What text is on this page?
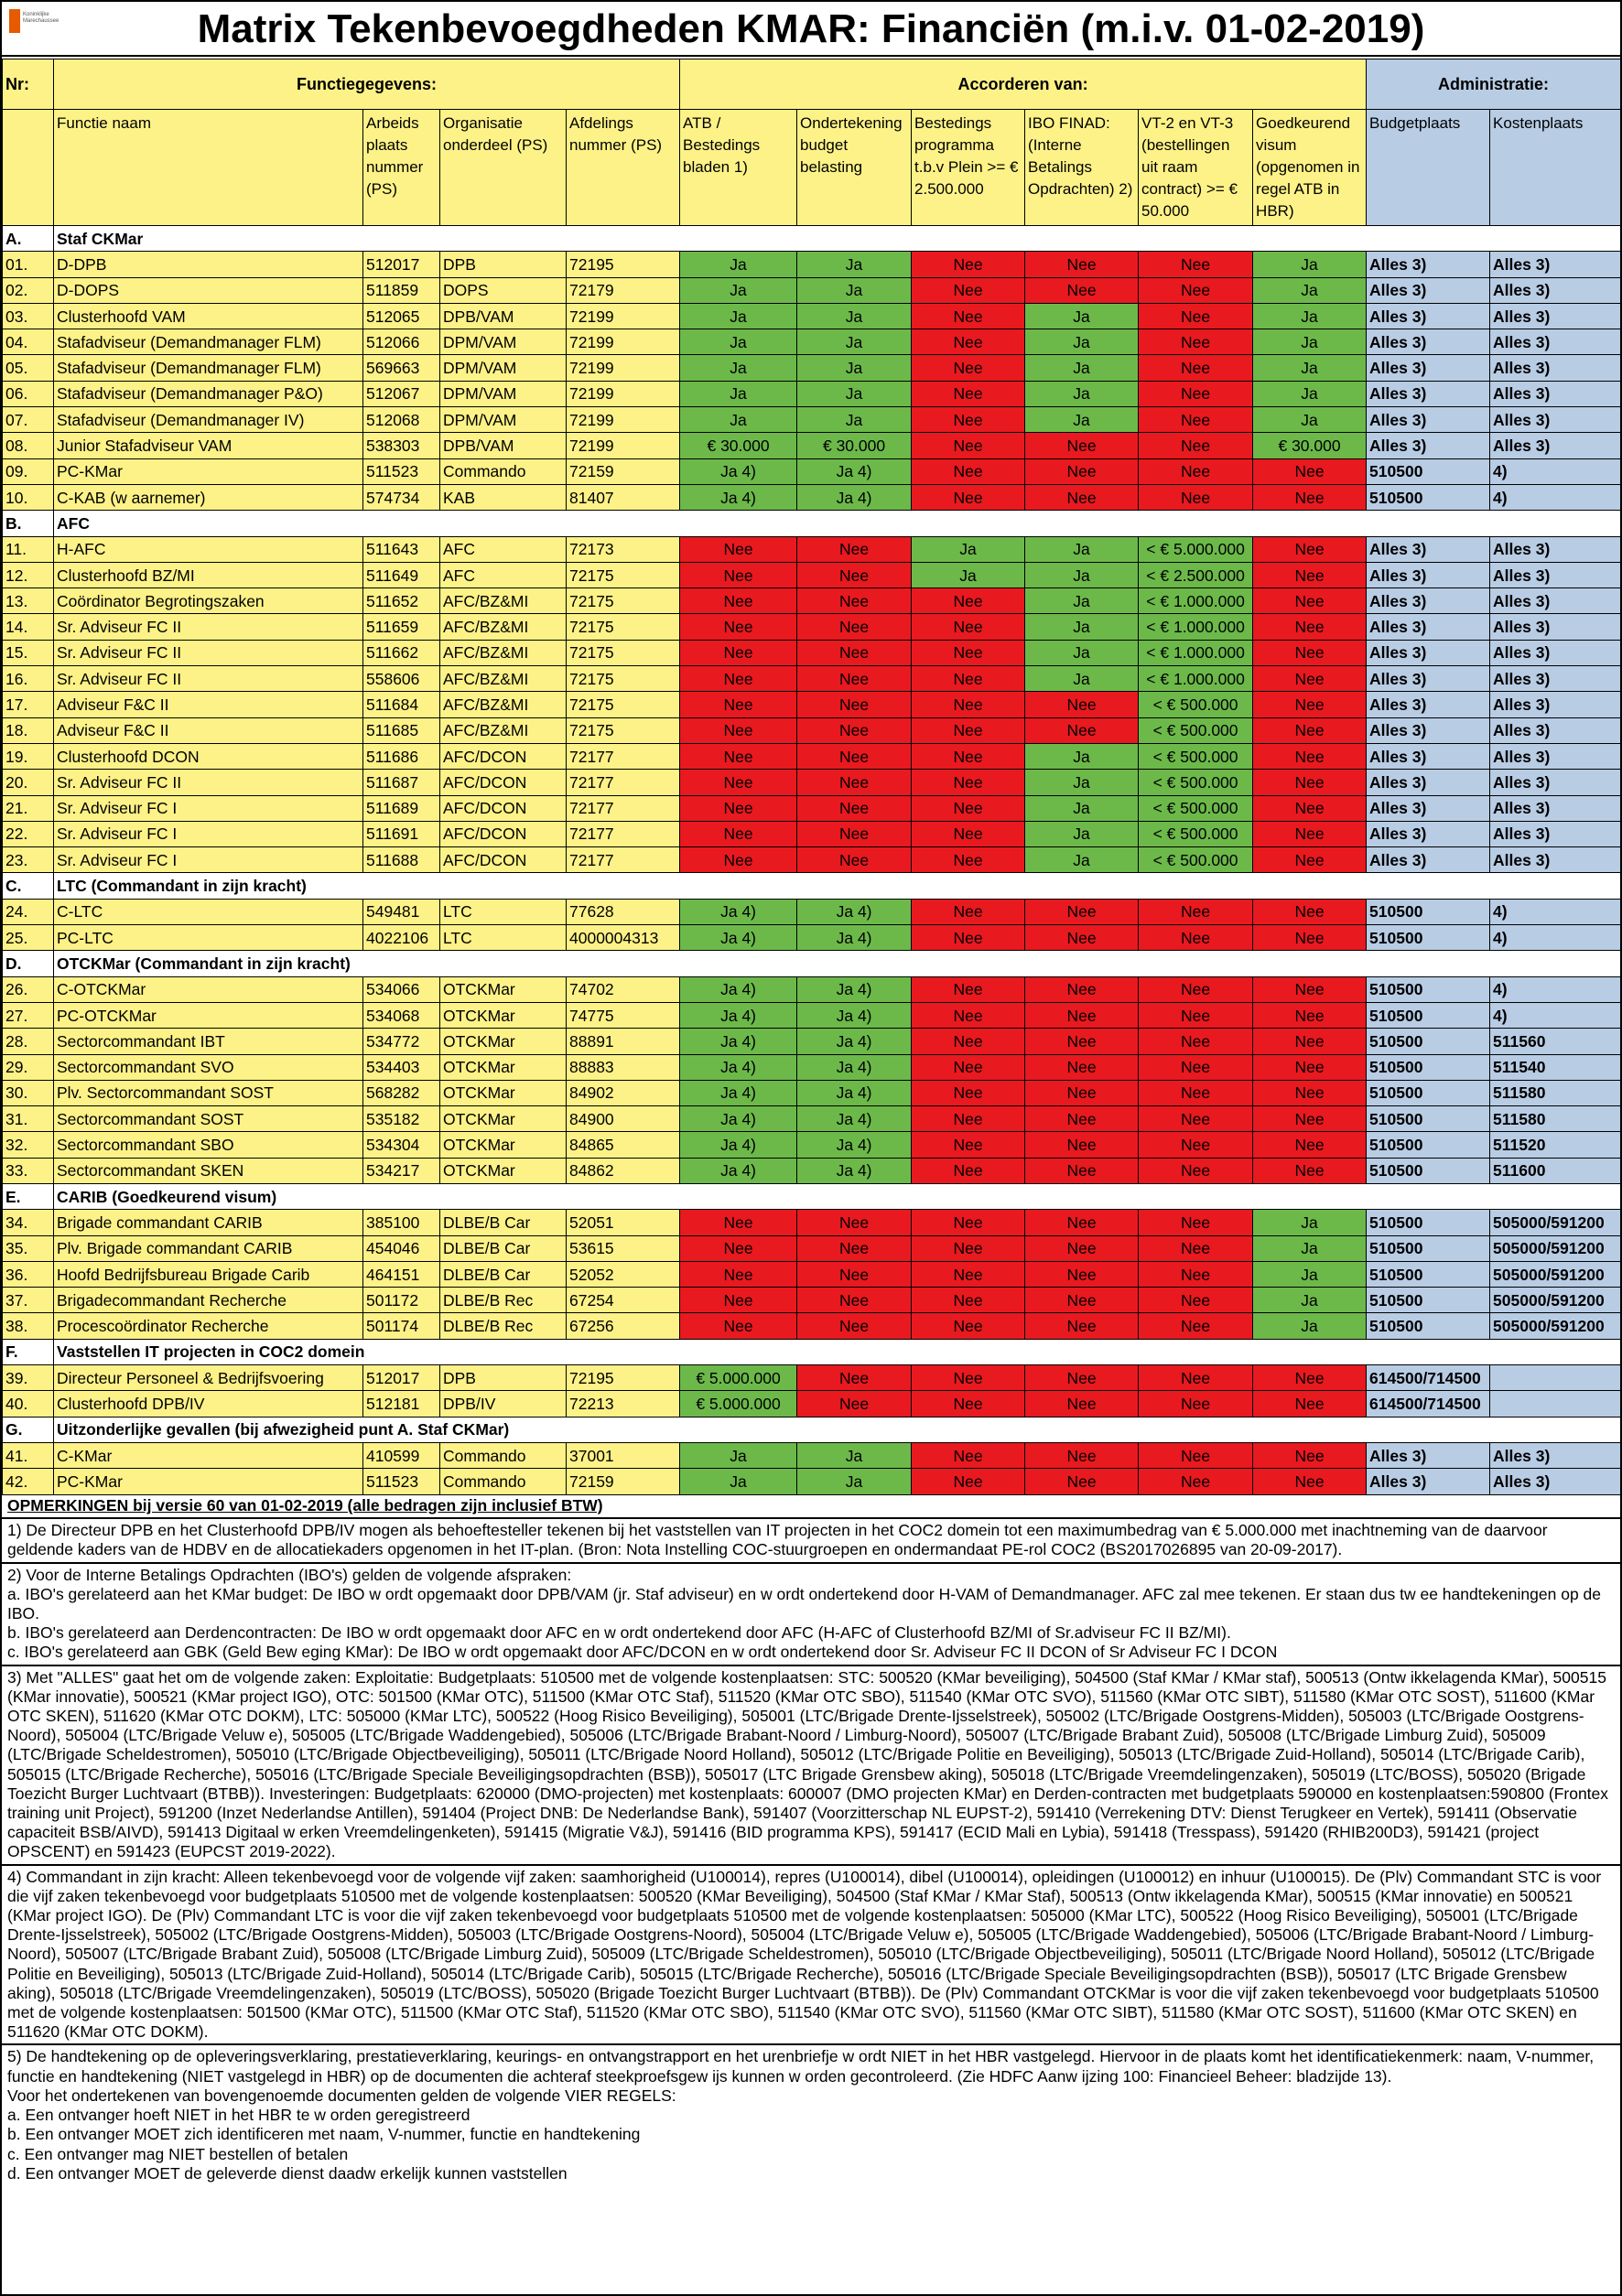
Koninklijke Marechaussee	Matrix Tekenbevoegdheden KMAR: Financiën (m.i.v. 01-02-2019)
Nr:	Functiegegevens:				Accorderen van:						Administratie:	
	Functie naam	Arbeids plaats nummer (PS)	Organisatie onderdeel (PS)	Afdelings nummer (PS)	ATB / Bestedings bladen 1)	Ondertekening budget belasting	Bestedings programma t.b.v Plein >= € 2.500.000	IBO FINAD: (Interne Betalings Opdrachten) 2)	VT-2 en VT-3 (bestellingen uit raam contract) >= € 50.000	Goedkeurend visum (opgenomen in regel ATB in HBR)	Budgetplaats	Kostenplaats
A.	Staf CKMar											
01.	D-DPB	512017	DPB	72195	Ja	Ja	Nee	Nee	Nee	Ja	Alles 3)	Alles 3)
02.	D-DOPS	511859	DOPS	72179	Ja	Ja	Nee	Nee	Nee	Ja	Alles 3)	Alles 3)
03.	Clusterhoofd VAM	512065	DPB/VAM	72199	Ja	Ja	Nee	Ja	Nee	Ja	Alles 3)	Alles 3)
04.	Stafadviseur (Demandmanager FLM)	512066	DPM/VAM	72199	Ja	Ja	Nee	Ja	Nee	Ja	Alles 3)	Alles 3)
05.	Stafadviseur (Demandmanager FLM)	569663	DPM/VAM	72199	Ja	Ja	Nee	Ja	Nee	Ja	Alles 3)	Alles 3)
06.	Stafadviseur (Demandmanager P&O)	512067	DPM/VAM	72199	Ja	Ja	Nee	Ja	Nee	Ja	Alles 3)	Alles 3)
07.	Stafadviseur (Demandmanager IV)	512068	DPM/VAM	72199	Ja	Ja	Nee	Ja	Nee	Ja	Alles 3)	Alles 3)
08.	Junior Stafadviseur VAM	538303	DPB/VAM	72199	€ 30.000	€ 30.000	Nee	Nee	Nee	€ 30.000	Alles 3)	Alles 3)
09.	PC-KMar	511523	Commando	72159	Ja 4)	Ja 4)	Nee	Nee	Nee	Nee	510500	4)
10.	C-KAB (w aarnemer)	574734	KAB	81407	Ja 4)	Ja 4)	Nee	Nee	Nee	Nee	510500	4)
B.	AFC											
11.	H-AFC	511643	AFC	72173	Nee	Nee	Ja	Ja	< € 5.000.000	Nee	Alles 3)	Alles 3)
12.	Clusterhoofd BZ/MI	511649	AFC	72175	Nee	Nee	Ja	Ja	< € 2.500.000	Nee	Alles 3)	Alles 3)
13.	Coördinator Begrotingszaken	511652	AFC/BZ&MI	72175	Nee	Nee	Nee	Ja	< € 1.000.000	Nee	Alles 3)	Alles 3)
14.	Sr. Adviseur FC II	511659	AFC/BZ&MI	72175	Nee	Nee	Nee	Ja	< € 1.000.000	Nee	Alles 3)	Alles 3)
15.	Sr. Adviseur FC II	511662	AFC/BZ&MI	72175	Nee	Nee	Nee	Ja	< € 1.000.000	Nee	Alles 3)	Alles 3)
16.	Sr. Adviseur FC II	558606	AFC/BZ&MI	72175	Nee	Nee	Nee	Ja	< € 1.000.000	Nee	Alles 3)	Alles 3)
17.	Adviseur F&C II	511684	AFC/BZ&MI	72175	Nee	Nee	Nee	Nee	< € 500.000	Nee	Alles 3)	Alles 3)
18.	Adviseur F&C II	511685	AFC/BZ&MI	72175	Nee	Nee	Nee	Nee	< € 500.000	Nee	Alles 3)	Alles 3)
19.	Clusterhoofd DCON	511686	AFC/DCON	72177	Nee	Nee	Nee	Ja	< € 500.000	Nee	Alles 3)	Alles 3)
20.	Sr. Adviseur FC II	511687	AFC/DCON	72177	Nee	Nee	Nee	Ja	< € 500.000	Nee	Alles 3)	Alles 3)
21.	Sr. Adviseur FC I	511689	AFC/DCON	72177	Nee	Nee	Nee	Ja	< € 500.000	Nee	Alles 3)	Alles 3)
22.	Sr. Adviseur FC I	511691	AFC/DCON	72177	Nee	Nee	Nee	Ja	< € 500.000	Nee	Alles 3)	Alles 3)
23.	Sr. Adviseur FC I	511688	AFC/DCON	72177	Nee	Nee	Nee	Ja	< € 500.000	Nee	Alles 3)	Alles 3)
C.	LTC (Commandant in zijn kracht)											
24.	C-LTC	549481	LTC	77628	Ja 4)	Ja 4)	Nee	Nee	Nee	Nee	510500	4)
25.	PC-LTC	4022106	LTC	4000004313	Ja 4)	Ja 4)	Nee	Nee	Nee	Nee	510500	4)
D.	OTCKMar (Commandant in zijn kracht)											
26.	C-OTCKMar	534066	OTCKMar	74702	Ja 4)	Ja 4)	Nee	Nee	Nee	Nee	510500	4)
27.	PC-OTCKMar	534068	OTCKMar	74775	Ja 4)	Ja 4)	Nee	Nee	Nee	Nee	510500	4)
28.	Sectorcommandant IBT	534772	OTCKMar	88891	Ja 4)	Ja 4)	Nee	Nee	Nee	Nee	510500	511560
29.	Sectorcommandant SVO	534403	OTCKMar	88883	Ja 4)	Ja 4)	Nee	Nee	Nee	Nee	510500	511540
30.	Plv. Sectorcommandant SOST	568282	OTCKMar	84902	Ja 4)	Ja 4)	Nee	Nee	Nee	Nee	510500	511580
31.	Sectorcommandant SOST	535182	OTCKMar	84900	Ja 4)	Ja 4)	Nee	Nee	Nee	Nee	510500	511580
32.	Sectorcommandant SBO	534304	OTCKMar	84865	Ja 4)	Ja 4)	Nee	Nee	Nee	Nee	510500	511520
33.	Sectorcommandant SKEN	534217	OTCKMar	84862	Ja 4)	Ja 4)	Nee	Nee	Nee	Nee	510500	511600
E.	CARIB (Goedkeurend visum)											
34.	Brigade commandant CARIB	385100	DLBE/B Car	52051	Nee	Nee	Nee	Nee	Nee	Ja	510500	505000/591200
35.	Plv. Brigade commandant CARIB	454046	DLBE/B Car	53615	Nee	Nee	Nee	Nee	Nee	Ja	510500	505000/591200
36.	Hoofd Bedrijfsbureau Brigade Carib	464151	DLBE/B Car	52052	Nee	Nee	Nee	Nee	Nee	Ja	510500	505000/591200
37.	Brigadecommandant Recherche	501172	DLBE/B Rec	67254	Nee	Nee	Nee	Nee	Nee	Ja	510500	505000/591200
38.	Procescoördinator Recherche	501174	DLBE/B Rec	67256	Nee	Nee	Nee	Nee	Nee	Ja	510500	505000/591200
F.	Vaststellen IT projecten in COC2 domein											
39.	Directeur Personeel & Bedrijfsvoering	512017	DPB	72195	€ 5.000.000	Nee	Nee	Nee	Nee	Nee	614500/714500	
40.	Clusterhoofd DPB/IV	512181	DPB/IV	72213	€ 5.000.000	Nee	Nee	Nee	Nee	Nee	614500/714500	
G.	Uitzonderlijke gevallen (bij afwezigheid punt A. Staf CKMar)											
41.	C-KMar	410599	Commando	37001	Ja	Ja	Nee	Nee	Nee	Nee	Alles 3)	Alles 3)
42.	PC-KMar	511523	Commando	72159	Ja	Ja	Nee	Nee	Nee	Nee	Alles 3)	Alles 3)
OPMERKINGEN bij versie 60 van 01-02-2019 (alle bedragen zijn inclusief BTW)

1) De Directeur DPB en het Clusterhoofd DPB/IV mogen als behoeftesteller tekenen bij het vaststellen van IT projecten in het COC2 domein tot een maximumbedrag van € 5.000.000 met inachtneming van de daarvoor geldende kaders van de HDBV en de allocatiekaders opgenomen in het IT-plan. (Bron: Nota Instelling COC-stuurgroepen en ondermandaat PE-rol COC2 (BS2017026895 van 20-09-2017).

2) Voor de Interne Betalings Opdrachten (IBO's) gelden de volgende afspraken:

a. IBO's gerelateerd aan het KMar budget: De IBO w ordt opgemaakt door DPB/VAM (jr. Staf adviseur) en w ordt ondertekend door H-VAM of Demandmanager. AFC zal mee tekenen. Er staan dus tw ee handtekeningen op de IBO.

b. IBO's gerelateerd aan Derdencontracten: De IBO w ordt opgemaakt door AFC en w ordt ondertekend door AFC (H-AFC of Clusterhoofd BZ/MI of Sr.adviseur FC II BZ/MI).

c. IBO's gerelateerd aan GBK (Geld Bew eging KMar): De IBO w ordt opgemaakt door AFC/DCON en w ordt ondertekend door Sr. Adviseur FC II DCON of Sr Adviseur FC I DCON

3) Met "ALLES" gaat het om de volgende zaken: Exploitatie: Budgetplaats: 510500 met de volgende kostenplaatsen: STC: 500520 (KMar beveiliging), 504500 (Staf KMar / KMar staf), 500513 (Ontw ikkelagenda KMar), 500515 (KMar innovatie), 500521 (KMar project IGO), OTC: 501500 (KMar OTC), 511500 (KMar OTC Staf), 511520 (KMar OTC SBO), 511540 (KMar OTC SVO), 511560 (KMar OTC SIBT), 511580 (KMar OTC SOST), 511600 (KMar OTC SKEN), 511620 (KMar OTC DOKM), LTC: 505000 (KMar LTC), 500522 (Hoog Risico Beveiliging), 505001 (LTC/Brigade Drente-Ijsselstreek), 505002 (LTC/Brigade Oostgrens-Midden), 505003 (LTC/Brigade Oostgrens-Noord), 505004 (LTC/Brigade Veluw e), 505005 (LTC/Brigade Waddengebied), 505006 (LTC/Brigade Brabant-Noord / Limburg-Noord), 505007 (LTC/Brigade Brabant Zuid), 505008 (LTC/Brigade Limburg Zuid), 505009 (LTC/Brigade Scheldestromen), 505010 (LTC/Brigade Objectbeveiliging), 505011 (LTC/Brigade Noord Holland), 505012 (LTC/Brigade Politie en Beveiliging), 505013 (LTC/Brigade Zuid-Holland), 505014 (LTC/Brigade Carib), 505015 (LTC/Brigade Recherche), 505016 (LTC/Brigade Speciale Beveiligingsopdrachten (BSB)), 505017 (LTC Brigade Grensbew aking), 505018 (LTC/Brigade Vreemdelingenzaken), 505019 (LTC/BOSS), 505020 (Brigade Toezicht Burger Luchtvaart (BTBB)). Investeringen: Budgetplaats: 620000 (DMO-projecten) met kostenplaats: 600007 (DMO projecten KMar) en Derden-contracten met budgetplaats 590000 en kostenplaatsen:590800 (Frontex training unit Project), 591200 (Inzet Nederlandse Antillen), 591404 (Project DNB: De Nederlandse Bank), 591407 (Voorzitterschap NL EUPST-2), 591410 (Verrekening DTV: Dienst Terugkeer en Vertek), 591411 (Observatie capaciteit BSB/AIVD), 591413 Digitaal w erken Vreemdelingenketen), 591415 (Migratie V&J), 591416 (BID programma KPS), 591417 (ECID Mali en Lybia), 591418 (Tresspass), 591420 (RHIB200D3), 591421 (project OPSCENT) en 591423 (EUPCST 2019-2022).

4) Commandant in zijn kracht: Alleen tekenbevoegd voor de volgende vijf zaken: saamhorigheid (U100014), repres (U100014), dibel (U100014), opleidingen (U100012) en inhuur (U100015). De (Plv) Commandant STC is voor die vijf zaken tekenbevoegd voor budgetplaats 510500 met de volgende kostenplaatsen: 500520 (KMar Beveiliging), 504500 (Staf KMar / KMar Staf), 500513 (Ontw ikkelagenda KMar), 500515 (KMar innovatie) en 500521 (KMar project IGO). De (Plv) Commandant LTC is voor die vijf zaken tekenbevoegd voor budgetplaats 510500 met de volgende kostenplaatsen: 505000 (KMar LTC), 500522 (Hoog Risico Beveiliging), 505001 (LTC/Brigade Drente-Ijsselstreek), 505002 (LTC/Brigade Oostgrens-Midden), 505003 (LTC/Brigade Oostgrens-Noord), 505004 (LTC/Brigade Veluw e), 505005 (LTC/Brigade Waddengebied), 505006 (LTC/Brigade Brabant-Noord / Limburg-Noord), 505007 (LTC/Brigade Brabant Zuid), 505008 (LTC/Brigade Limburg Zuid), 505009 (LTC/Brigade Scheldestromen), 505010 (LTC/Brigade Objectbeveiliging), 505011 (LTC/Brigade Noord Holland), 505012 (LTC/Brigade Politie en Beveiliging), 505013 (LTC/Brigade Zuid-Holland), 505014 (LTC/Brigade Carib), 505015 (LTC/Brigade Recherche), 505016 (LTC/Brigade Speciale Beveiligingsopdrachten (BSB)), 505017 (LTC Brigade Grensbew aking), 505018 (LTC/Brigade Vreemdelingenzaken), 505019 (LTC/BOSS), 505020 (Brigade Toezicht Burger Luchtvaart (BTBB)). De (Plv) Commandant OTCKMar is voor die vijf zaken tekenbevoegd voor budgetplaats 510500 met de volgende kostenplaatsen: 501500 (KMar OTC), 511500 (KMar OTC Staf), 511520 (KMar OTC SBO), 511540 (KMar OTC SVO), 511560 (KMar OTC SIBT), 511580 (KMar OTC SOST), 511600 (KMar OTC SKEN) en 511620 (KMar OTC DOKM).

5) De handtekening op de opleveringsverklaring, prestatieverklaring, keurings- en ontvangstrapport en het urenbriefje w ordt NIET in het HBR vastgelegd. Hiervoor in de plaats komt het identificatiekenmerk: naam, V-nummer, functie en handtekening (NIET vastgelegd in HBR) op de documenten die achteraf steekproefsgew ijs kunnen w orden gecontroleerd. (Zie HDFC Aanw ijzing 100: Financieel Beheer: bladzijde 13).

Voor het ondertekenen van bovengenoemde documenten gelden de volgende VIER REGELS:

a. Een ontvanger hoeft NIET in het HBR te w orden geregistreerd

b. Een ontvanger MOET zich identificeren met naam, V-nummer, functie en handtekening

c. Een ontvanger mag NIET bestellen of betalen

d. Een ontvanger MOET de geleverde dienst daadw erkelijk kunnen vaststellen
